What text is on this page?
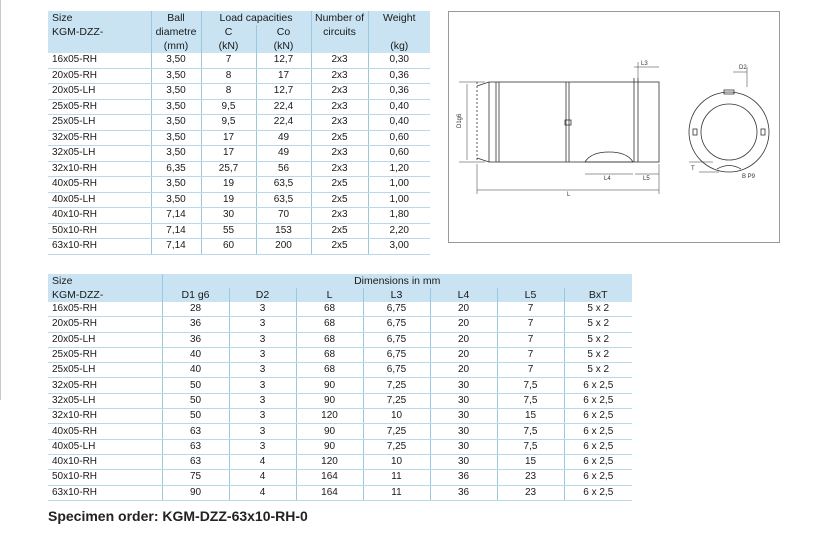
Size	Ball	Load capacities		Number of	Weight
KGM-DZZ-	diametre	C	Co	circuits	
	(mm)	(kN)	(kN)		(kg)
16x05-RH	3,50	7	12,7	2x3	0,30
20x05-RH	3,50	8	17	2x3	0,36
20x05-LH	3,50	8	12,7	2x3	0,36
25x05-RH	3,50	9,5	22,4	2x3	0,40
25x05-LH	3,50	9,5	22,4	2x3	0,40
32x05-RH	3,50	17	49	2x5	0,60
32x05-LH	3,50	17	49	2x3	0,60
32x10-RH	6,35	25,7	56	2x3	1,20
40x05-RH	3,50	19	63,5	2x5	1,00
40x05-LH	3,50	19	63,5	2x5	1,00
40x10-RH	7,14	30	70	2x3	1,80
50x10-RH	7,14	55	153	2x5	2,20
63x10-RH	7,14	60	200	2x5	3,00
L3
D2
D1g6
L4	L5
L
T
B P9
Size	Dimensions in mm						
KGM-DZZ-	D1 g6	D2	L	L3	L4	L5	BxT
16x05-RH	28	3	68	6,75	20	7	5 x 2
20x05-RH	36	3	68	6,75	20	7	5 x 2
20x05-LH	36	3	68	6,75	20	7	5 x 2
25x05-RH	40	3	68	6,75	20	7	5 x 2
25x05-LH	40	3	68	6,75	20	7	5 x 2
32x05-RH	50	3	90	7,25	30	7,5	6 x 2,5
32x05-LH	50	3	90	7,25	30	7,5	6 x 2,5
32x10-RH	50	3	120	10	30	15	6 x 2,5
40x05-RH	63	3	90	7,25	30	7,5	6 x 2,5
40x05-LH	63	3	90	7,25	30	7,5	6 x 2,5
40x10-RH	63	4	120	10	30	15	6 x 2,5
50x10-RH	75	4	164	11	36	23	6 x 2,5
63x10-RH	90	4	164	11	36	23	6 x 2,5
Specimen order: KGM-DZZ-63x10-RH-0
